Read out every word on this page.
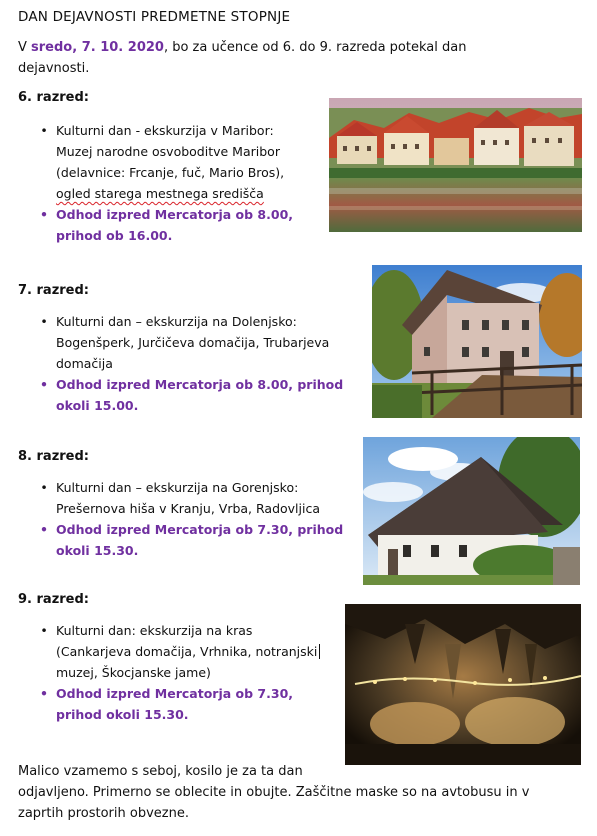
DAN DEJAVNOSTI PREDMETNE STOPNJE
V sredo, 7. 10. 2020, bo za učence od 6. do 9. razreda potekal dan
dejavnosti.
6. razred:
• Kulturni dan - ekskurzija v Maribor:
Muzej narodne osvoboditve Maribor
(delavnice: Frcanje, fuč, Mario Bros),
ogled starega mestnega središča
• Odhod izpred Mercatorja ob 8.00,
prihod ob 16.00.
7. razred:
• Kulturni dan – ekskurzija na Dolenjsko:
Bogenšperk, Jurčičeva domačija, Trubarjeva
domačija
• Odhod izpred Mercatorja ob 8.00, prihod
okoli 15.00.
8. razred:
• Kulturni dan – ekskurzija na Gorenjsko:
Prešernova hiša v Kranju, Vrba, Radovljica
• Odhod izpred Mercatorja ob 7.30, prihod
okoli 15.30.
9. razred:
• Kulturni dan: ekskurzija na kras
(Cankarjeva domačija, Vrhnika, notranjski
muzej, Škocjanske jame)
• Odhod izpred Mercatorja ob 7.30,
prihod okoli 15.30.
Malico vzamemo s seboj, kosilo je za ta dan
odjavljeno. Primerno se oblecite in obujte. Zaščitne maske so na avtobusu in v
zaprtih prostorih obvezne.
